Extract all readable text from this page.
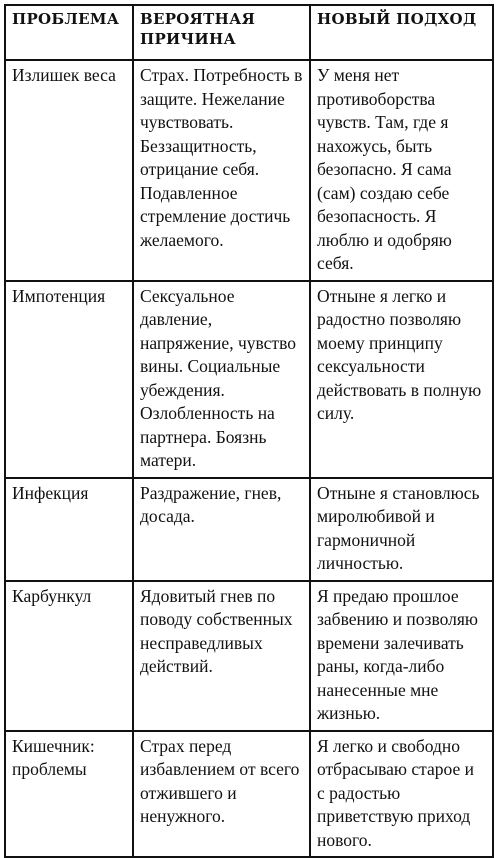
ПРОБЛЕМА	ВЕРОЯТНАЯ ПРИЧИНА	НОВЫЙ ПОДХОД
Излишек веса	Страх. Потребность в защите. Нежелание чувствовать. Беззащитность, отрицание себя. Подавленное стремление достичь желаемого.	У меня нет противоборства чувств. Там, где я нахожусь, быть безопасно. Я сама (сам) создаю себе безопасность. Я люблю и одобряю себя.
Импотенция	Сексуальное давление, напряжение, чувство вины. Социальные убеждения. Озлобленность на партнера. Боязнь матери.	Отныне я легко и радостно позволяю моему принципу сексуальности действовать в полную силу.
Инфекция	Раздражение, гнев, досада.	Отныне я становлюсь миролюбивой и гармоничной личностью.
Карбункул	Ядовитый гнев по поводу собственных несправедливых действий.	Я предаю прошлое забвению и позволяю времени залечивать раны, когда-либо нанесенные мне жизнью.
Кишечник: проблемы	Страх перед избавлением от всего отжившего и ненужного.	Я легко и свободно отбрасываю старое и с радостью приветствую приход нового.
